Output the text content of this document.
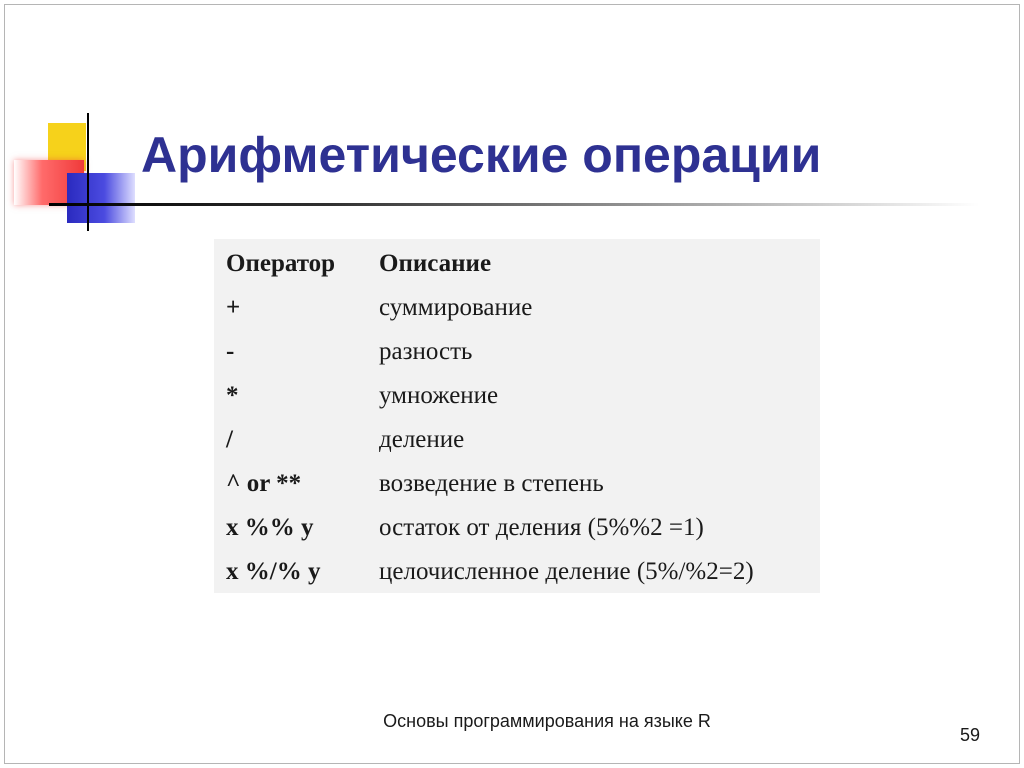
Арифметические операции
Оператор	Описание
+	суммирование
-	разность
*	умножение
/	деление
^ or **	возведение в степень
x %% y	остаток от деления (5%%2 =1)
x %/% y	целочисленное деление (5%/%2=2)
Основы программирования на языке R
59
